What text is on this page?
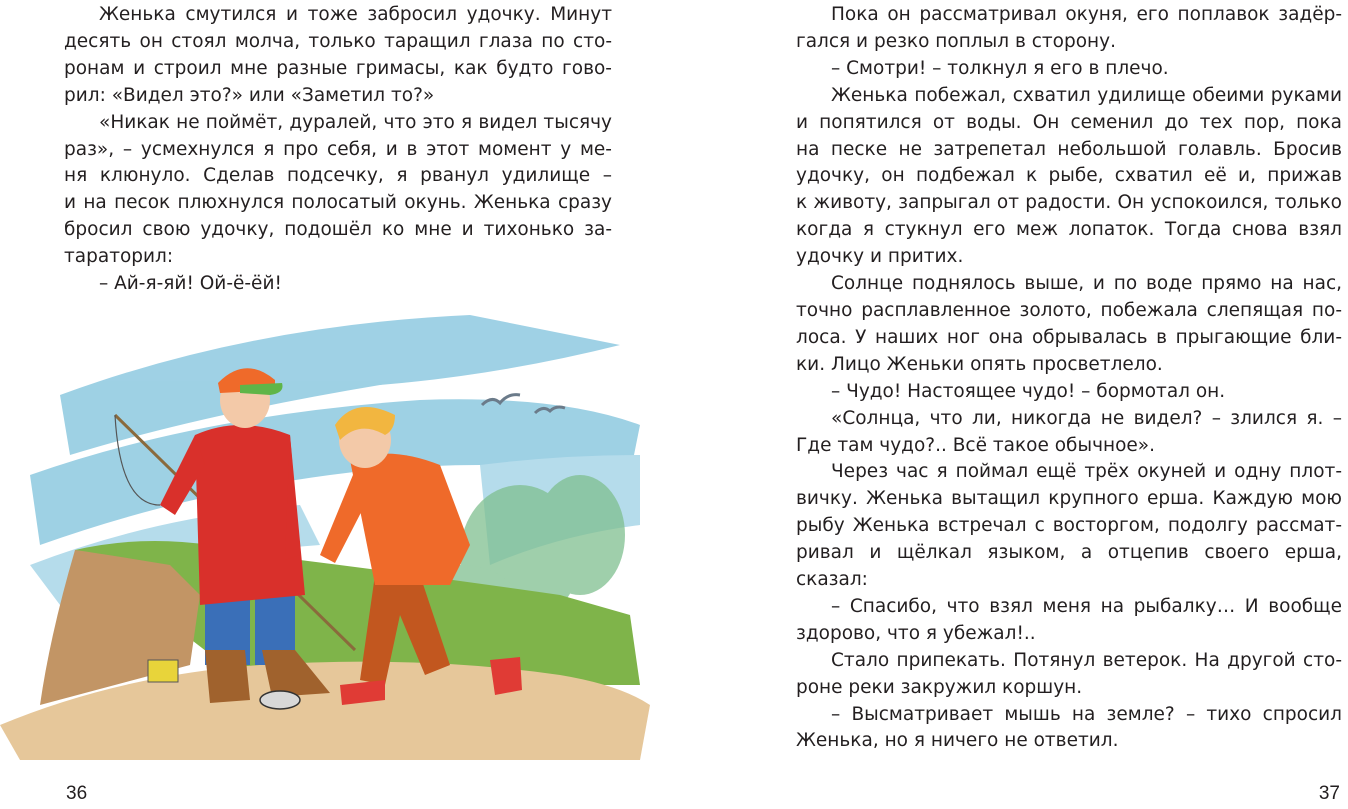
Женька смутился и тоже забросил удочку. Минут
десять он стоял молча, только таращил глаза по сто-
ронам и строил мне разные гримасы, как будто гово-
рил: «Видел это?» или «Заметил то?»
«Никак не поймёт, дуралей, что это я видел тысячу
раз», – усмехнулся я про себя, и в этот момент у ме-
ня клюнуло. Сделав подсечку, я рванул удилище –
и на песок плюхнулся полосатый окунь. Женька сразу
бросил свою удочку, подошёл ко мне и тихонько за-
тараторил:
– Ай-я-яй! Ой-ё-ёй!
36
Пока он рассматривал окуня, его поплавок задёр-
гался и резко поплыл в сторону.
– Смотри! – толкнул я его в плечо.
Женька побежал, схватил удилище обеими руками
и попятился от воды. Он семенил до тех пор, пока
на песке не затрепетал небольшой голавль. Бросив
удочку, он подбежал к рыбе, схватил её и, прижав
к животу, запрыгал от радости. Он успокоился, только
когда я стукнул его меж лопаток. Тогда снова взял
удочку и притих.
Солнце поднялось выше, и по воде прямо на нас,
точно расплавленное золото, побежала слепящая по-
лоса. У наших ног она обрывалась в прыгающие бли-
ки. Лицо Женьки опять просветлело.
– Чудо! Настоящее чудо! – бормотал он.
«Солнца, что ли, никогда не видел? – злился я. –
Где там чудо?.. Всё такое обычное».
Через час я поймал ещё трёх окуней и одну плот-
вичку. Женька вытащил крупного ерша. Каждую мою
рыбу Женька встречал с восторгом, подолгу рассмат-
ривал и щёлкал языком, а отцепив своего ерша,
сказал:
– Спасибо, что взял меня на рыбалку… И вообще
здорово, что я убежал!..
Стало припекать. Потянул ветерок. На другой сто-
роне реки закружил коршун.
– Высматривает мышь на земле? – тихо спросил
Женька, но я ничего не ответил.
37
